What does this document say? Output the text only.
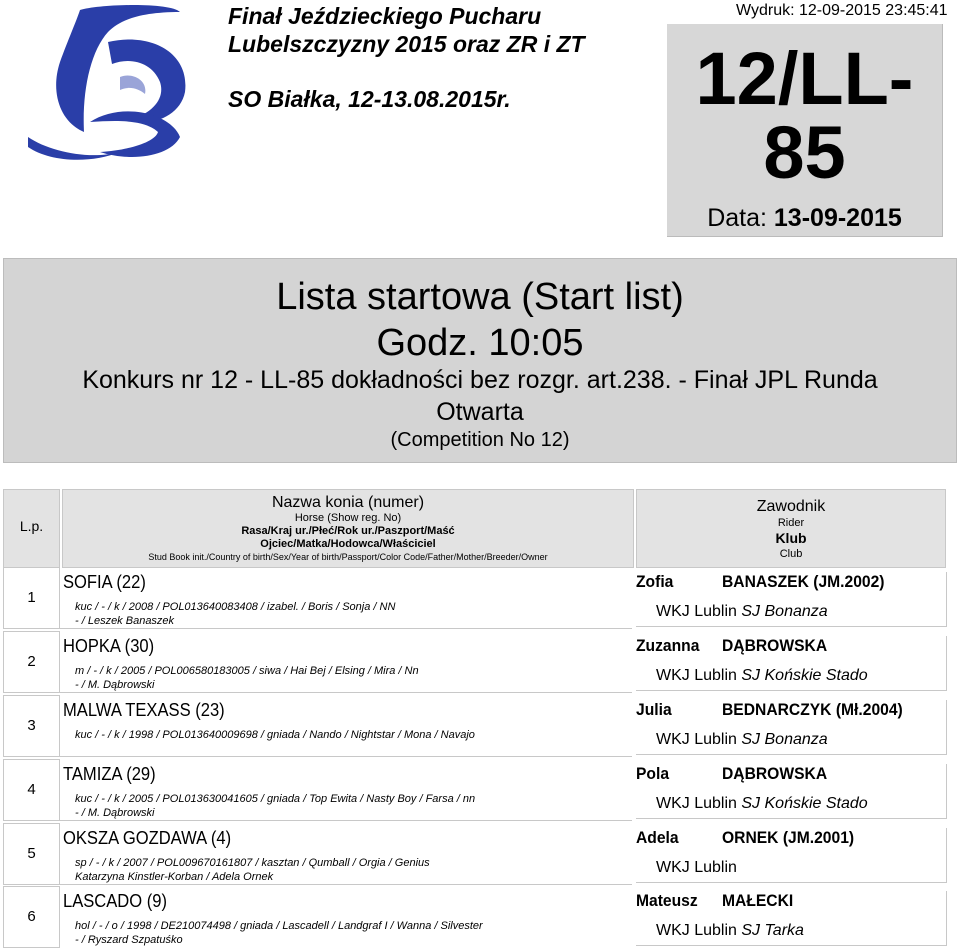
Finał Jeździeckiego Pucharu
Lubelszczyzny 2015 oraz ZR i ZT
SO Białka, 12-13.08.2015r.
Wydruk: 12-09-2015 23:45:41
12/LL-
85
Data: 13-09-2015
Lista startowa (Start list)
Godz. 10:05
Konkurs nr 12 - LL-85 dokładności bez rozgr. art.238. - Finał JPL Runda
Otwarta
(Competition No 12)
L.p.
Nazwa konia (numer)
Horse (Show reg. No)
Rasa/Kraj ur./Płeć/Rok ur./Paszport/Maść
Ojciec/Matka/Hodowca/Właściciel
Stud Book init./Country of birth/Sex/Year of birth/Passport/Color Code/Father/Mother/Breeder/Owner
Zawodnik
Rider
Klub
Club
1
SOFIA (22)
kuc / - / k / 2008 / POL013640083408 / izabel. / Boris / Sonja / NN
- / Leszek Banaszek
Zofia	BANASZEK (JM.2002)
WKJ Lublin SJ Bonanza
2
HOPKA (30)
m / - / k / 2005 / POL006580183005 / siwa / Hai Bej / Elsing / Mira / Nn
- / M. Dąbrowski
Zuzanna DĄBROWSKA
WKJ Lublin SJ Końskie Stado
3
MALWA TEXASS (23)
kuc / - / k / 1998 / POL013640009698 / gniada / Nando / Nightstar / Mona / Navajo
Julia	BEDNARCZYK (Mł.2004)
WKJ Lublin SJ Bonanza
4
TAMIZA (29)
kuc / - / k / 2005 / POL013630041605 / gniada / Top Ewita / Nasty Boy / Farsa / nn
- / M. Dąbrowski
Pola	DĄBROWSKA
WKJ Lublin SJ Końskie Stado
5
OKSZA GOZDAWA (4)
sp / - / k / 2007 / POL009670161807 / kasztan / Qumball / Orgia / Genius
Katarzyna Kinstler-Korban / Adela Ornek
Adela	ORNEK (JM.2001)
WKJ Lublin
6
LASCADO (9)
hol / - / o / 1998 / DE210074498 / gniada / Lascadell / Landgraf I / Wanna / Silvester
- / Ryszard Szpatuśko
Mateusz MAŁECKI
WKJ Lublin SJ Tarka
